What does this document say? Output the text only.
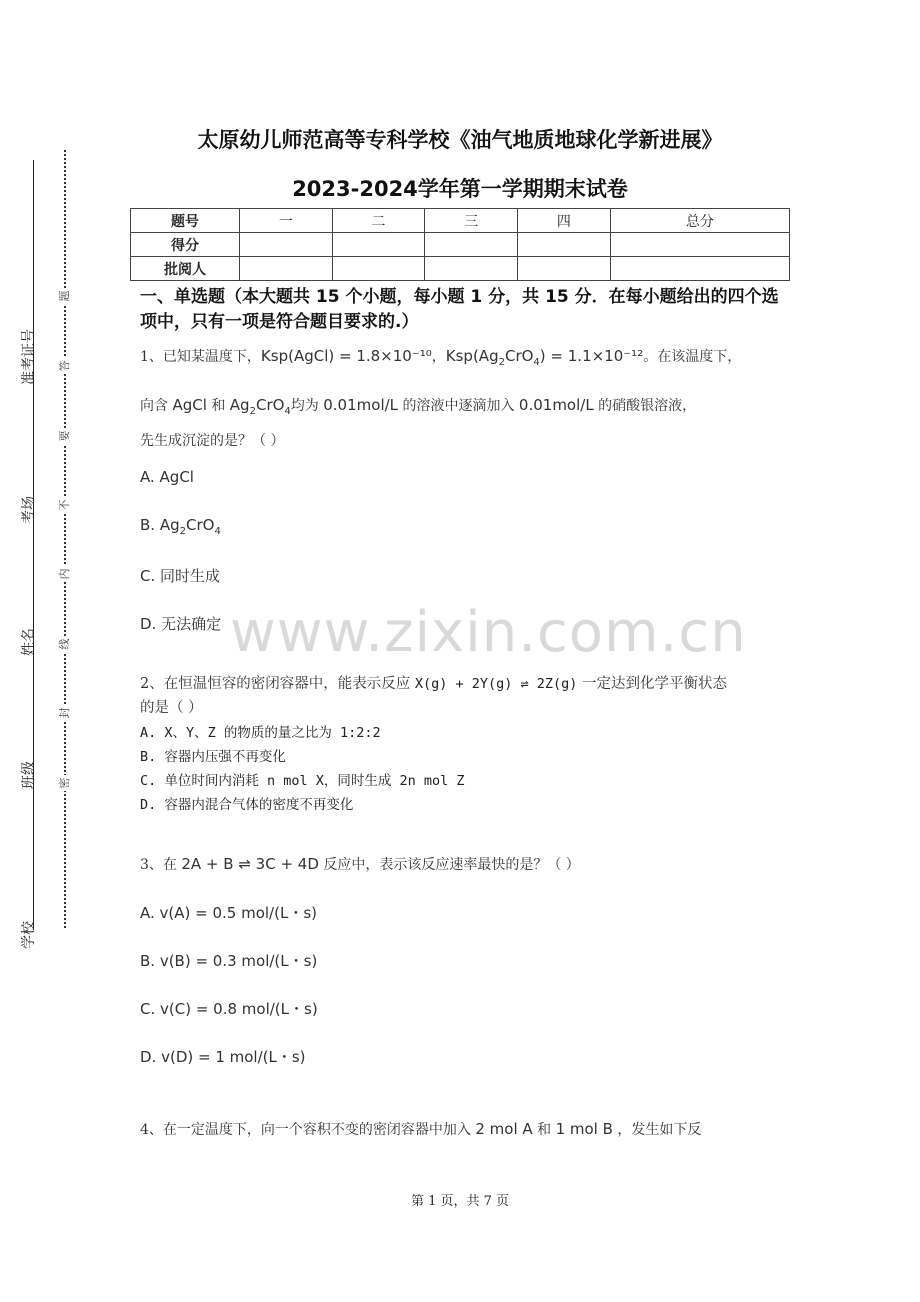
准考证号
考场
姓名
班级
学校
题
答
要
不
内
线
封
密
太原幼儿师范高等专科学校《油气地质地球化学新进展》
2023-2024学年第一学期期末试卷
题号	一	二	三	四	总分
得分					
批阅人					
一、单选题（本大题共 15 个小题，每小题 1 分，共 15 分．在每小题给出的四个选项中，只有一项是符合题目要求的.）
1、已知某温度下，Ksp(AgCl) = 1.8×10⁻¹⁰，$Ksp(Ag_2CrO_4) = 1.1\times 10^{-12}$。在该温度下，
向含 AgCl 和 $Ag_2CrO_4$均为 0.01mol/L 的溶液中逐滴加入 0.01mol/L 的硝酸银溶液，
先生成沉淀的是？（ ）
A. AgCl
B. $Ag_2CrO_4$
C. 同时生成
D. 无法确定 www.zixin.com.cn
2、在恒温恒容的密闭容器中，能表示反应 X(g) + 2Y(g) ⇌ 2Z(g) 一定达到化学平衡状态
的是（ ）
A. X、Y、Z 的物质的量之比为 1:2:2
B. 容器内压强不再变化
C. 单位时间内消耗 n mol X，同时生成 2n mol Z
D. 容器内混合气体的密度不再变化
3、在 2A + B ⇌ 3C + 4D 反应中，表示该反应速率最快的是？（ ）
A. v(A) = 0.5 mol/(L・s)
B. v(B) = 0.3 mol/(L・s)
C. v(C) = 0.8 mol/(L・s)
D. v(D) = 1 mol/(L・s)
4、在一定温度下，向一个容积不变的密闭容器中加入 2 mol A 和 1 mol B ，发生如下反
第 1 页，共 7 页
